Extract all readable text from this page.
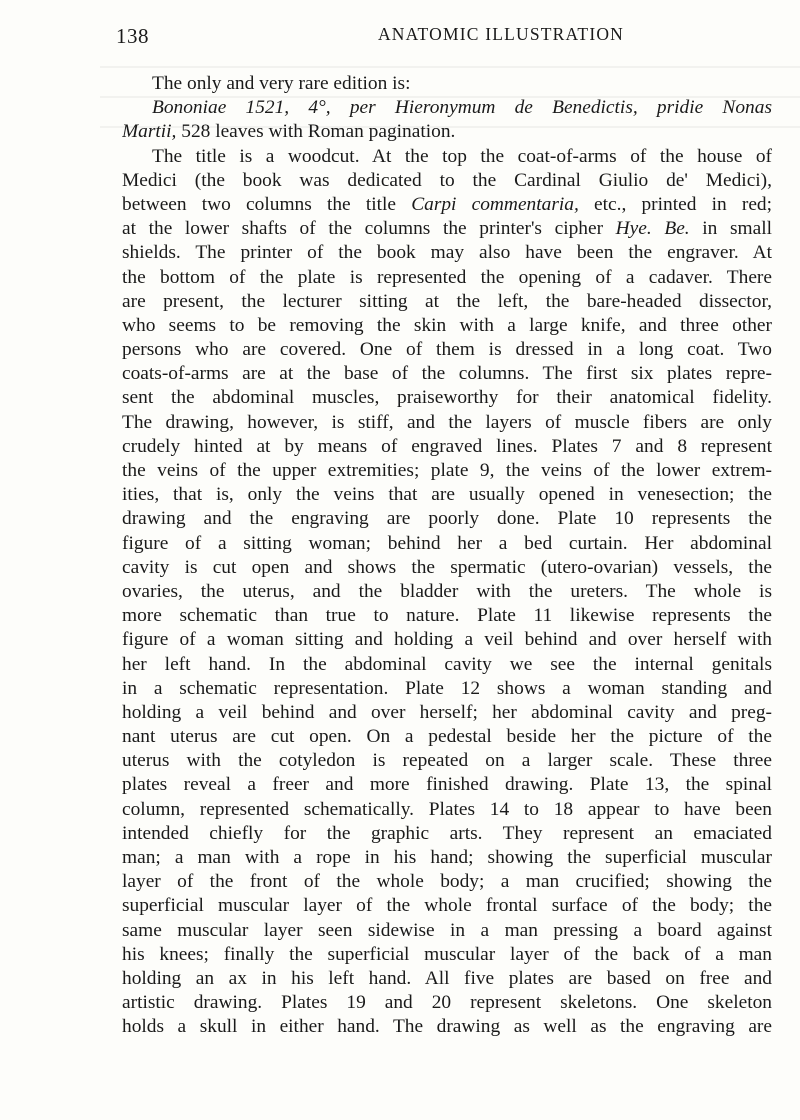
138	ANATOMIC ILLUSTRATION
The only and very rare edition is:
Bononiae 1521, 4°, per Hieronymum de Benedictis, pridie Nonas
Martii, 528 leaves with Roman pagination.
The title is a woodcut. At the top the coat-of-arms of the house of
Medici (the book was dedicated to the Cardinal Giulio de' Medici),
between two columns the title Carpi commentaria, etc., printed in red;
at the lower shafts of the columns the printer's cipher Hye. Be. in small
shields. The printer of the book may also have been the engraver. At
the bottom of the plate is represented the opening of a cadaver. There
are present, the lecturer sitting at the left, the bare-headed dissector,
who seems to be removing the skin with a large knife, and three other
persons who are covered. One of them is dressed in a long coat. Two
coats-of-arms are at the base of the columns. The first six plates repre-
sent the abdominal muscles, praiseworthy for their anatomical fidelity.
The drawing, however, is stiff, and the layers of muscle fibers are only
crudely hinted at by means of engraved lines. Plates 7 and 8 represent
the veins of the upper extremities; plate 9, the veins of the lower extrem-
ities, that is, only the veins that are usually opened in venesection; the
drawing and the engraving are poorly done. Plate 10 represents the
figure of a sitting woman; behind her a bed curtain. Her abdominal
cavity is cut open and shows the spermatic (utero-ovarian) vessels, the
ovaries, the uterus, and the bladder with the ureters. The whole is
more schematic than true to nature. Plate 11 likewise represents the
figure of a woman sitting and holding a veil behind and over herself with
her left hand. In the abdominal cavity we see the internal genitals
in a schematic representation. Plate 12 shows a woman standing and
holding a veil behind and over herself; her abdominal cavity and preg-
nant uterus are cut open. On a pedestal beside her the picture of the
uterus with the cotyledon is repeated on a larger scale. These three
plates reveal a freer and more finished drawing. Plate 13, the spinal
column, represented schematically. Plates 14 to 18 appear to have been
intended chiefly for the graphic arts. They represent an emaciated
man; a man with a rope in his hand; showing the superficial muscular
layer of the front of the whole body; a man crucified; showing the
superficial muscular layer of the whole frontal surface of the body; the
same muscular layer seen sidewise in a man pressing a board against
his knees; finally the superficial muscular layer of the back of a man
holding an ax in his left hand. All five plates are based on free and
artistic drawing. Plates 19 and 20 represent skeletons. One skeleton
holds a skull in either hand. The drawing as well as the engraving are
